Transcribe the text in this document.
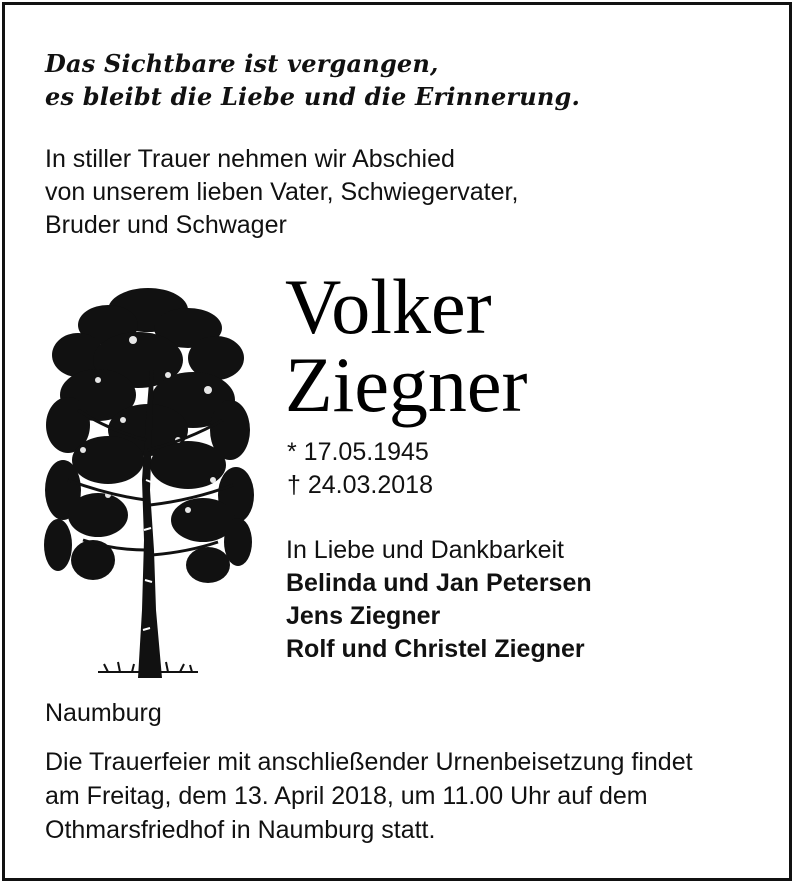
Das Sichtbare ist vergangen,
es bleibt die Liebe und die Erinnerung.
In stiller Trauer nehmen wir Abschied
von unserem lieben Vater, Schwiegervater,
Bruder und Schwager
Volker
Ziegner
* 17.05.1945
† 24.03.2018
In Liebe und Dankbarkeit
Belinda und Jan Petersen
Jens Ziegner
Rolf und Christel Ziegner
Naumburg
Die Trauerfeier mit anschließender Urnenbeisetzung findet
am Freitag, dem 13. April 2018, um 11.00 Uhr auf dem
Othmarsfriedhof in Naumburg statt.
